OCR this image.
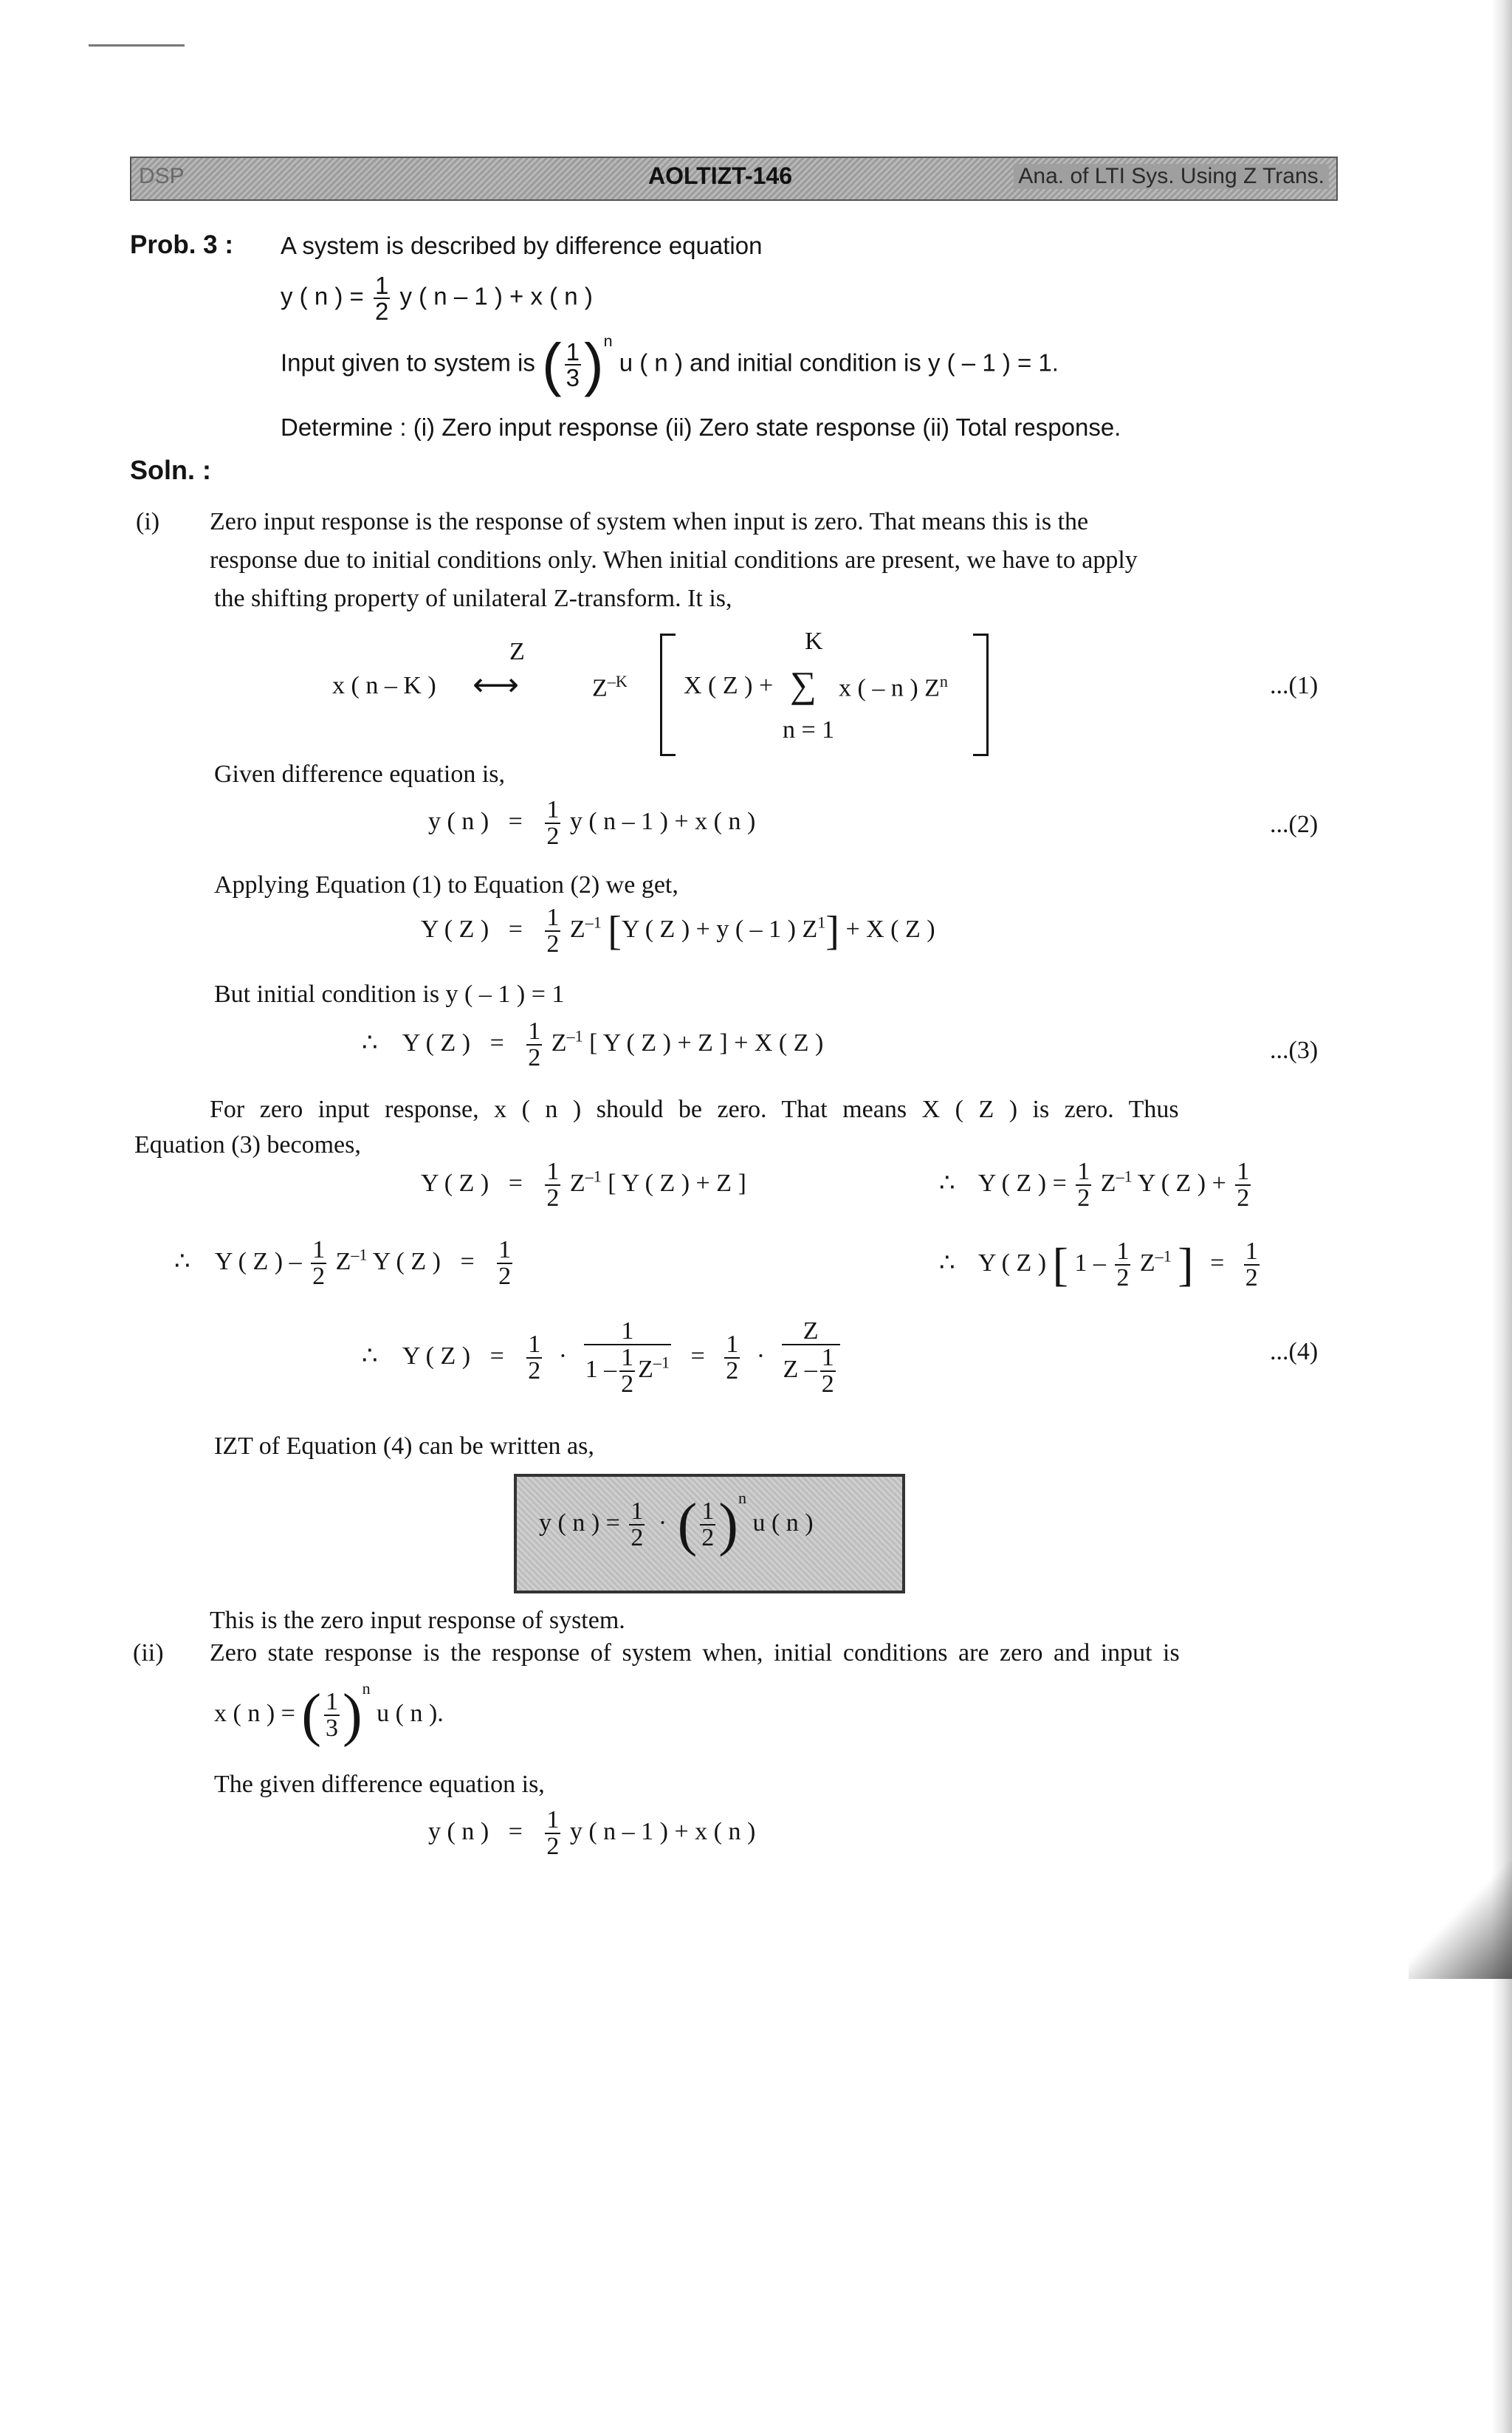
DSP	AOLTIZT-146	Ana. of LTI Sys. Using Z Trans.
Prob. 3 : A system is described by difference equation
y ( n ) = $\frac{1}{2}$ y ( n – 1 ) + x ( n )
Input given to system is ( $\frac{1}{3} )^n$ u ( n ) and initial condition is y ( – 1 ) = 1.
Determine : (i) Zero input response (ii) Zero state response (ii) Total response.
Soln. :
(i) Zero input response is the response of system when input is zero. That means this is the
response due to initial conditions only. When initial conditions are present, we have to apply
the shifting property of unilateral Z-transform. It is,
Z	K
x ( n – K ) ⟷	$Z^{-K}$ X ( Z ) + ∑ x ( – n ) $Z^n$
n = 1
...(1)
Given difference equation is,
y ( n ) = $\frac{1}{2}$ y ( n – 1 ) + x ( n )	...(2)
Applying Equation (1) to Equation (2) we get,
Y ( Z ) = $\frac{1}{2} Z^{-1}$ [Y ( Z ) + y ( – 1 ) $Z^1] + X$ ( Z )
But initial condition is y ( – 1 ) = 1
∴ Y ( Z ) = $\frac{1}{2} Z^{-1}$ [ Y ( Z ) + Z ] + X ( Z )	...(3)
For zero input response, x ( n ) should be zero. That means X ( Z ) is zero. Thus
Equation (3) becomes,
Y ( Z ) = $\frac{1}{2} Z^{-1}$ [ Y ( Z ) + Z ]	∴ Y ( Z ) = $\frac{1}{2} Z^{-1}$ Y ( Z ) + $\frac{1}{2}$
∴ Y ( Z ) – $\frac{1}{2} Z^{-1}$ Y ( Z ) = $\frac{1}{2}$	∴ Y ( Z ) [ $1 - \frac{1}{2} Z^{-1}$ ] = $\frac{1}{2}$
∴ Y ( Z ) = $\frac{1}{2} \cdot \frac{1}{1 - \frac{1}{2} Z^{-1}} = \frac{1}{2} \cdot \frac{Z}{Z - \frac{1}{2}}$	...(4)
IZT of Equation (4) can be written as,
y ( n ) = $\frac{1}{2}$ · ( $\frac{1}{2} )^n$ u ( n )
This is the zero input response of system.
(ii) Zero state response is the response of system when, initial conditions are zero and input is
x ( n ) = ( $\frac{1}{3} )^n$ u ( n ).
The given difference equation is,
y ( n ) = $\frac{1}{2}$ y ( n – 1 ) + x ( n )
